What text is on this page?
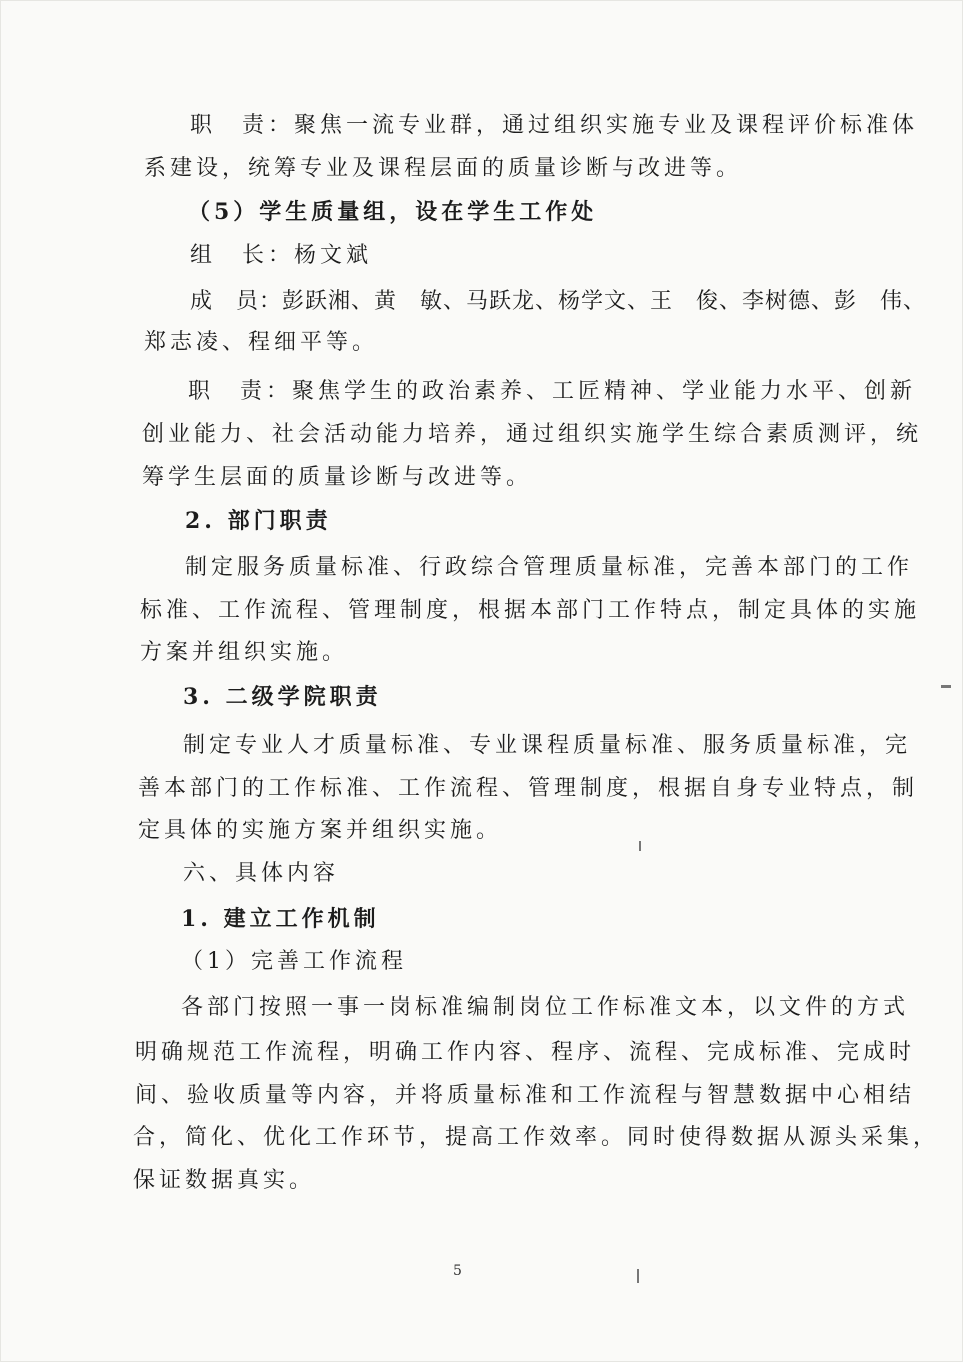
职　责：聚焦一流专业群，通过组织实施专业及课程评价标准体
系建设，统筹专业及课程层面的质量诊断与改进等。
（5）学生质量组，设在学生工作处
组　长：杨文斌
成　员：彭跃湘、黄　敏、马跃龙、杨学文、王　俊、李树德、彭　伟、
郑志凌、程细平等。
职　责：聚焦学生的政治素养、工匠精神、学业能力水平、创新
创业能力、社会活动能力培养，通过组织实施学生综合素质测评，统
筹学生层面的质量诊断与改进等。
2. 部门职责
制定服务质量标准、行政综合管理质量标准，完善本部门的工作
标准、工作流程、管理制度，根据本部门工作特点，制定具体的实施
方案并组织实施。
3. 二级学院职责
制定专业人才质量标准、专业课程质量标准、服务质量标准，完
善本部门的工作标准、工作流程、管理制度，根据自身专业特点，制
定具体的实施方案并组织实施。
六、具体内容
1. 建立工作机制
（1）完善工作流程
各部门按照一事一岗标准编制岗位工作标准文本，以文件的方式
明确规范工作流程，明确工作内容、程序、流程、完成标准、完成时
间、验收质量等内容，并将质量标准和工作流程与智慧数据中心相结
合，简化、优化工作环节，提高工作效率。同时使得数据从源头采集，
保证数据真实。
5
